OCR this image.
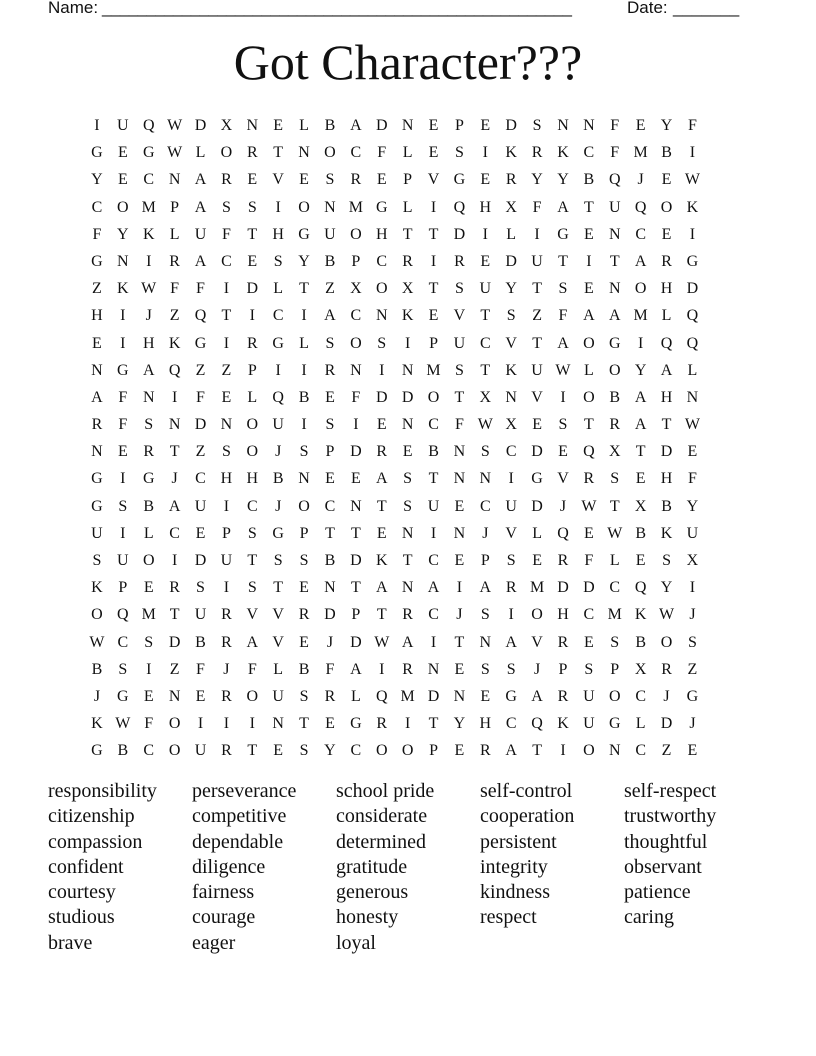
Name: _____________________________________________________	Date: _______
Got Character???
I	U Q W D X N E	L B A D N E	P	E D S N N F	E Y F
G E G W L O R T N O C	F	L	E	S	I	K R K C	F M B	I
Y E C N A R E V E	S	R E	P V G E R Y Y B Q	J	E W
C O M P A S	S	I	O N M G L	I	Q H X F A T U Q O K
F Y K L U F	T H G U O H T	T D	I	L	I	G E N C E	I
G N	I	R A C E	S Y B	P	C R	I	R E D U T	I	T A R G
Z K W F	F	I	D L	T	Z X O X T	S U Y T	S	E N O H D
H	I	J	Z Q T	I	C	I	A C N K E V T	S	Z	F A A M L Q
E	I	H K G	I	R G L	S O S	I	P U C V T A O G	I	Q Q
N G A Q Z	Z	P	I	I	R N	I	N M S	T K U W L O Y A L
A F N	I	F	E	L Q B E	F D D O T X N V	I	O B A H N
R	F	S N D N O U	I	S	I	E N C	F W X E	S	T R A T W
N E R T	Z	S O	J	S	P D R E B N S	C D E Q X T D E
G	I	G	J	C H H B N E	E A S	T N N	I	G V R	S	E H F
G S	B A U	I	C	J	O C N T	S U E C U D	J W T X B Y
U	I	L C E	P	S G P	T	T	E N	I	N	J	V L Q E W B K U
S U O	I	D U T	S	S	B D K T C E	P	S	E R	F	L	E	S X
K P	E R	S	I	S	T	E N T A N A	I	A R M D D C Q Y	I
O Q M T U R V V R D P	T R C	J	S	I	O H C M K W J
W C	S D B R A V E	J	D W A	I	T N A V R E	S	B O S
B	S	I	Z	F	J	F	L B	F A	I	R N E	S	S	J	P	S	P X R Z
J	G E N E R O U S	R L Q M D N E G A R U O C	J	G
K W F O	I	I	I	N T	E G R	I	T Y H C Q K U G L D	J
G B C O U R T	E	S Y C O O P	E R A T	I	O N C Z	E
responsibility
citizenship
compassion
confident
courtesy
studious
brave
perseverance
competitive
dependable
diligence
fairness
courage
eager
school pride
considerate
determined
gratitude
generous
honesty
loyal
self-control
cooperation
persistent
integrity
kindness
respect
self-respect
trustworthy
thoughtful
observant
patience
caring
